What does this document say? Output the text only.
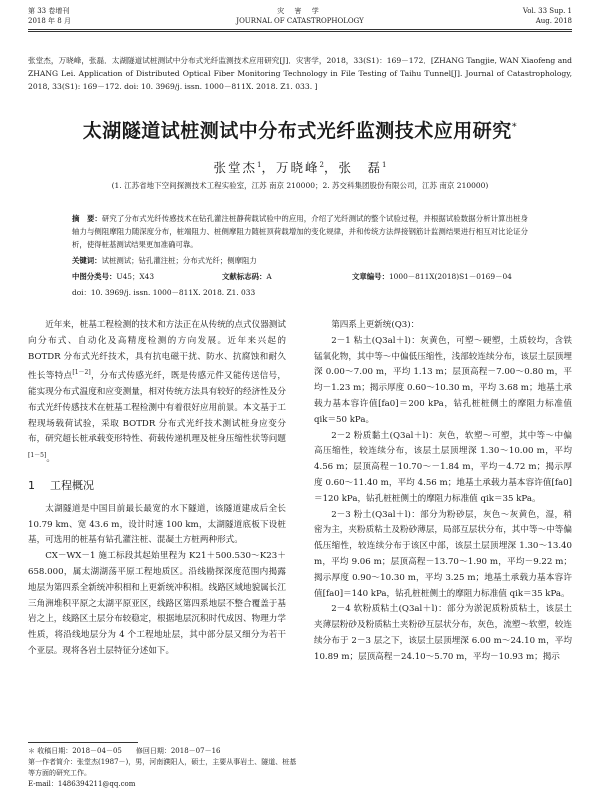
第 33 卷增刊
2018 年 8 月
灾 害 学
JOURNAL OF CATASTROPHOLOGY
Vol. 33 Sup. 1
Aug. 2018
张堂杰，万晓峰，张磊．太湖隧道试桩测试中分布式光纤监测技术应用研究[J]．灾害学，2018，33(S1)：169－172．[ZHANG Tangjie, WAN Xiaofeng and ZHANG Lei. Application of Distributed Optical Fiber Monitoring Technology in File Testing of Taihu Tunnel[J]. Journal of Catastrophology, 2018, 33(S1): 169－172. doi: 10. 3969/j. issn. 1000－811X. 2018. Z1. 033. ]
太湖隧道试桩测试中分布式光纤监测技术应用研究*
张堂杰$^1$，万晓峰$^2$，张　磊$^1$
(1. 江苏省地下空间探测技术工程实验室，江苏 南京 210000；2. 苏交科集团股份有限公司，江苏 南京 210000)
摘　要：研究了分布式光纤传感技术在钻孔灌注桩静荷载试验中的应用，介绍了光纤测试的整个试验过程，并根据试验数据分析计算出桩身轴力与侧阻摩阻力随深度分布，桩端阻力、桩侧摩阻力随桩顶荷载增加的变化规律，并和传统方法焊接钢筋计监测结果进行相互对比论证分析，使得桩基测试结果更加准确可靠。
关键词：试桩测试；钻孔灌注桩；分布式光纤；侧摩阻力
中图分类号：U45；X43	文献标志码：A	文章编号：1000－811X(2018)S1－0169－04
doi：10. 3969/j. issn. 1000－811X. 2018. Z1. 033

近年来，桩基工程检测的技术和方法正在从传统的点式仪器测试向分布式、自动化及高精度检测的方向发展。近年来兴起的 BOTDR 分布式光纤技术，具有抗电磁干扰、防水、抗腐蚀和耐久性长等特点[1－2]，分布式传感光纤，既是传感元件又能传送信号，能实现分布式温度和应变测量，相对传统方法具有较好的经济性及分布式光纤传感技术在桩基工程检测中有着很好应用前景。本文基于工程现场载荷试验，采取 BOTDR 分布式光纤技术测试桩身应变分布，研究超长桩承载变形特性、荷载传递机理及桩身压缩性状等问题[1－5]。

1 工程概况

太湖隧道是中国目前最长最宽的水下隧道，该隧道建成后全长 10.79 km、宽 43.6 m，设计时速 100 km，太湖隧道底板下设桩基，可选用的桩基有钻孔灌注桩、混凝土方桩两种形式。

CX－WX－1 施工标段其起始里程为 K21＋500.530～K23＋658.000，属太湖湖荡平原工程地质区。沿线勘探深度范围内揭露地层为第四系全新统冲积相和上更新统冲积相。线路区域地貌属长江三角洲堆积平原之太湖平原亚区，线路区第四系地层不整合覆盖于基岩之上，线路区土层分布较稳定，根据地层沉积时代成因、物理力学性质，将沿线地层分为 4 个工程地址层，其中部分层又细分为若干个亚层。现将各岩土层特征分述如下。

第四系上更新统(Q3)：

2－1 粘土(Q3al＋l)：灰黄色，可塑～硬塑，土质较均，含铁锰氧化物，其中等～中偏低压缩性，浅部较连续分布，该层土层顶埋深 0.00～7.00 m，平均 1.13 m；层顶高程－7.00～0.80 m，平均－1.23 m；揭示厚度 0.60～10.30 m，平均 3.68 m；地基土承载力基本容许值[fa0]＝200 kPa，钻孔桩桩侧土的摩阻力标准值 qik＝50 kPa。

2－2 粉质黏土(Q3al＋l)：灰色，软塑～可塑，其中等～中偏高压缩性，较连续分布，该层土层顶埋深 1.30～10.00 m，平均 4.56 m；层顶高程－10.70～－1.84 m，平均－4.72 m；揭示厚度 0.60～11.40 m，平均 4.56 m；地基土承载力基本容许值[fa0]＝120 kPa，钻孔桩桩侧土的摩阻力标准值 qik＝35 kPa。

2－3 粉土(Q3al＋l)：部分为粉砂层，灰色～灰黄色，湿，稍密为主，夹粉质粘土及粉砂薄层，局部互层状分布，其中等～中等偏低压缩性，较连续分布于该区中部，该层土层顶埋深 1.30～13.40 m，平均 9.06 m；层顶高程－13.70～1.90 m，平均－9.22 m；揭示厚度 0.90～10.30 m，平均 3.25 m；地基土承载力基本容许值[fa0]＝140 kPa，钻孔桩桩侧土的摩阻力标准值 qik＝35 kPa。

2－4 软粉质粘土(Q3al＋l)：部分为淤泥质粉质粘土，该层土夹薄层粉砂及粉质粘土夹粉砂互层状分布，灰色，流塑～软塑，较连续分布于 2－3 层之下，该层土层顶埋深 6.00 m～24.10 m，平均 10.89 m；层顶高程－24.10～5.70 m，平均－10.93 m；揭示

＊ 收稿日期：2018－04－05　　修回日期：2018－07－16
第一作者简介：张堂杰(1987－)，男，河南濮阳人，硕士，主要从事岩土、隧道、桩基等方面的研究工作。
E-mail：1486394211@qq.com
